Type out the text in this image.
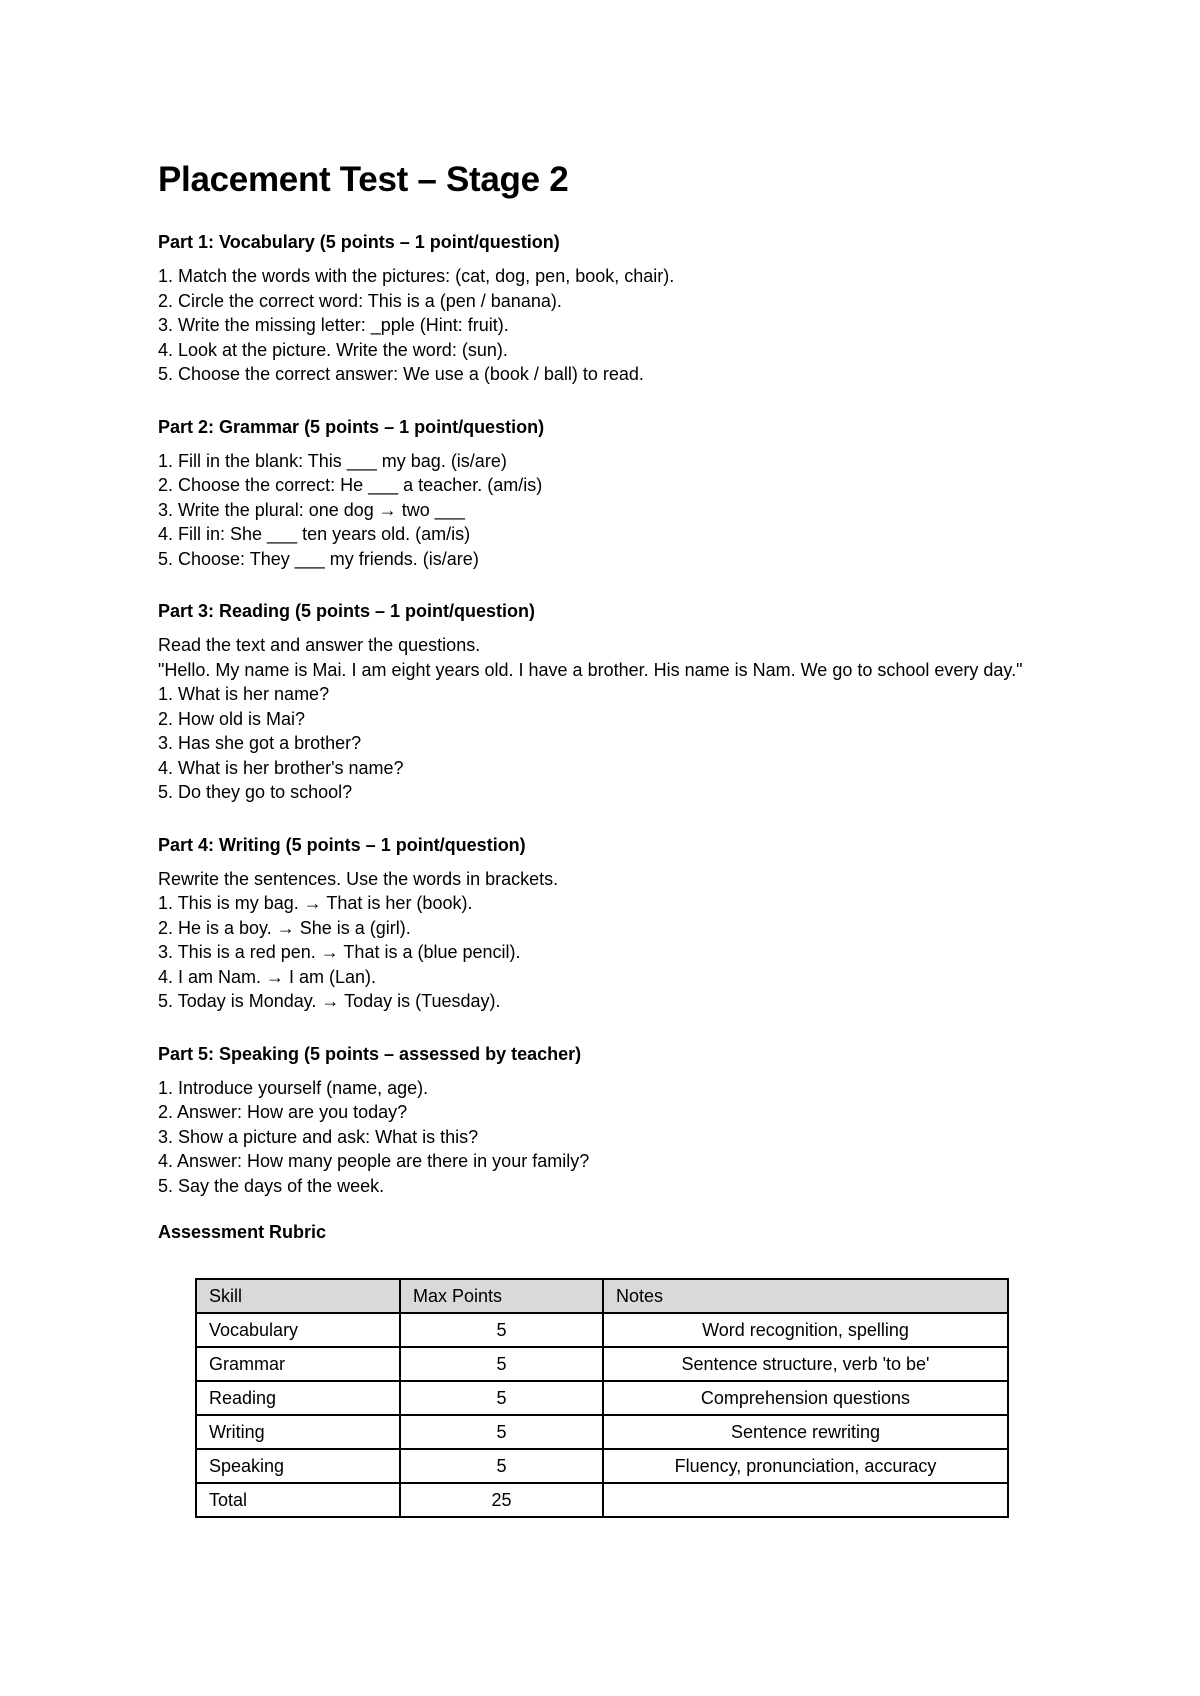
Placement Test – Stage 2
Part 1: Vocabulary (5 points – 1 point/question)

1. Match the words with the pictures: (cat, dog, pen, book, chair).

2. Circle the correct word: This is a (pen / banana).

3. Write the missing letter: _pple (Hint: fruit).

4. Look at the picture. Write the word: (sun).

5. Choose the correct answer: We use a (book / ball) to read.

Part 2: Grammar (5 points – 1 point/question)

1. Fill in the blank: This ___ my bag. (is/are)

2. Choose the correct: He ___ a teacher. (am/is)

3. Write the plural: one dog → two ___

4. Fill in: She ___ ten years old. (am/is)

5. Choose: They ___ my friends. (is/are)

Part 3: Reading (5 points – 1 point/question)

Read the text and answer the questions.

"Hello. My name is Mai. I am eight years old. I have a brother. His name is Nam. We go to school every day."

1. What is her name?

2. How old is Mai?

3. Has she got a brother?

4. What is her brother's name?

5. Do they go to school?

Part 4: Writing (5 points – 1 point/question)

Rewrite the sentences. Use the words in brackets.

1. This is my bag. → That is her (book).

2. He is a boy. → She is a (girl).

3. This is a red pen. → That is a (blue pencil).

4. I am Nam. → I am (Lan).

5. Today is Monday. → Today is (Tuesday).

Part 5: Speaking (5 points – assessed by teacher)

1. Introduce yourself (name, age).

2. Answer: How are you today?

3. Show a picture and ask: What is this?

4. Answer: How many people are there in your family?

5. Say the days of the week.

Assessment Rubric
Skill	Max Points	Notes
Vocabulary	5	Word recognition, spelling
Grammar	5	Sentence structure, verb 'to be'
Reading	5	Comprehension questions
Writing	5	Sentence rewriting
Speaking	5	Fluency, pronunciation, accuracy
Total	25	
